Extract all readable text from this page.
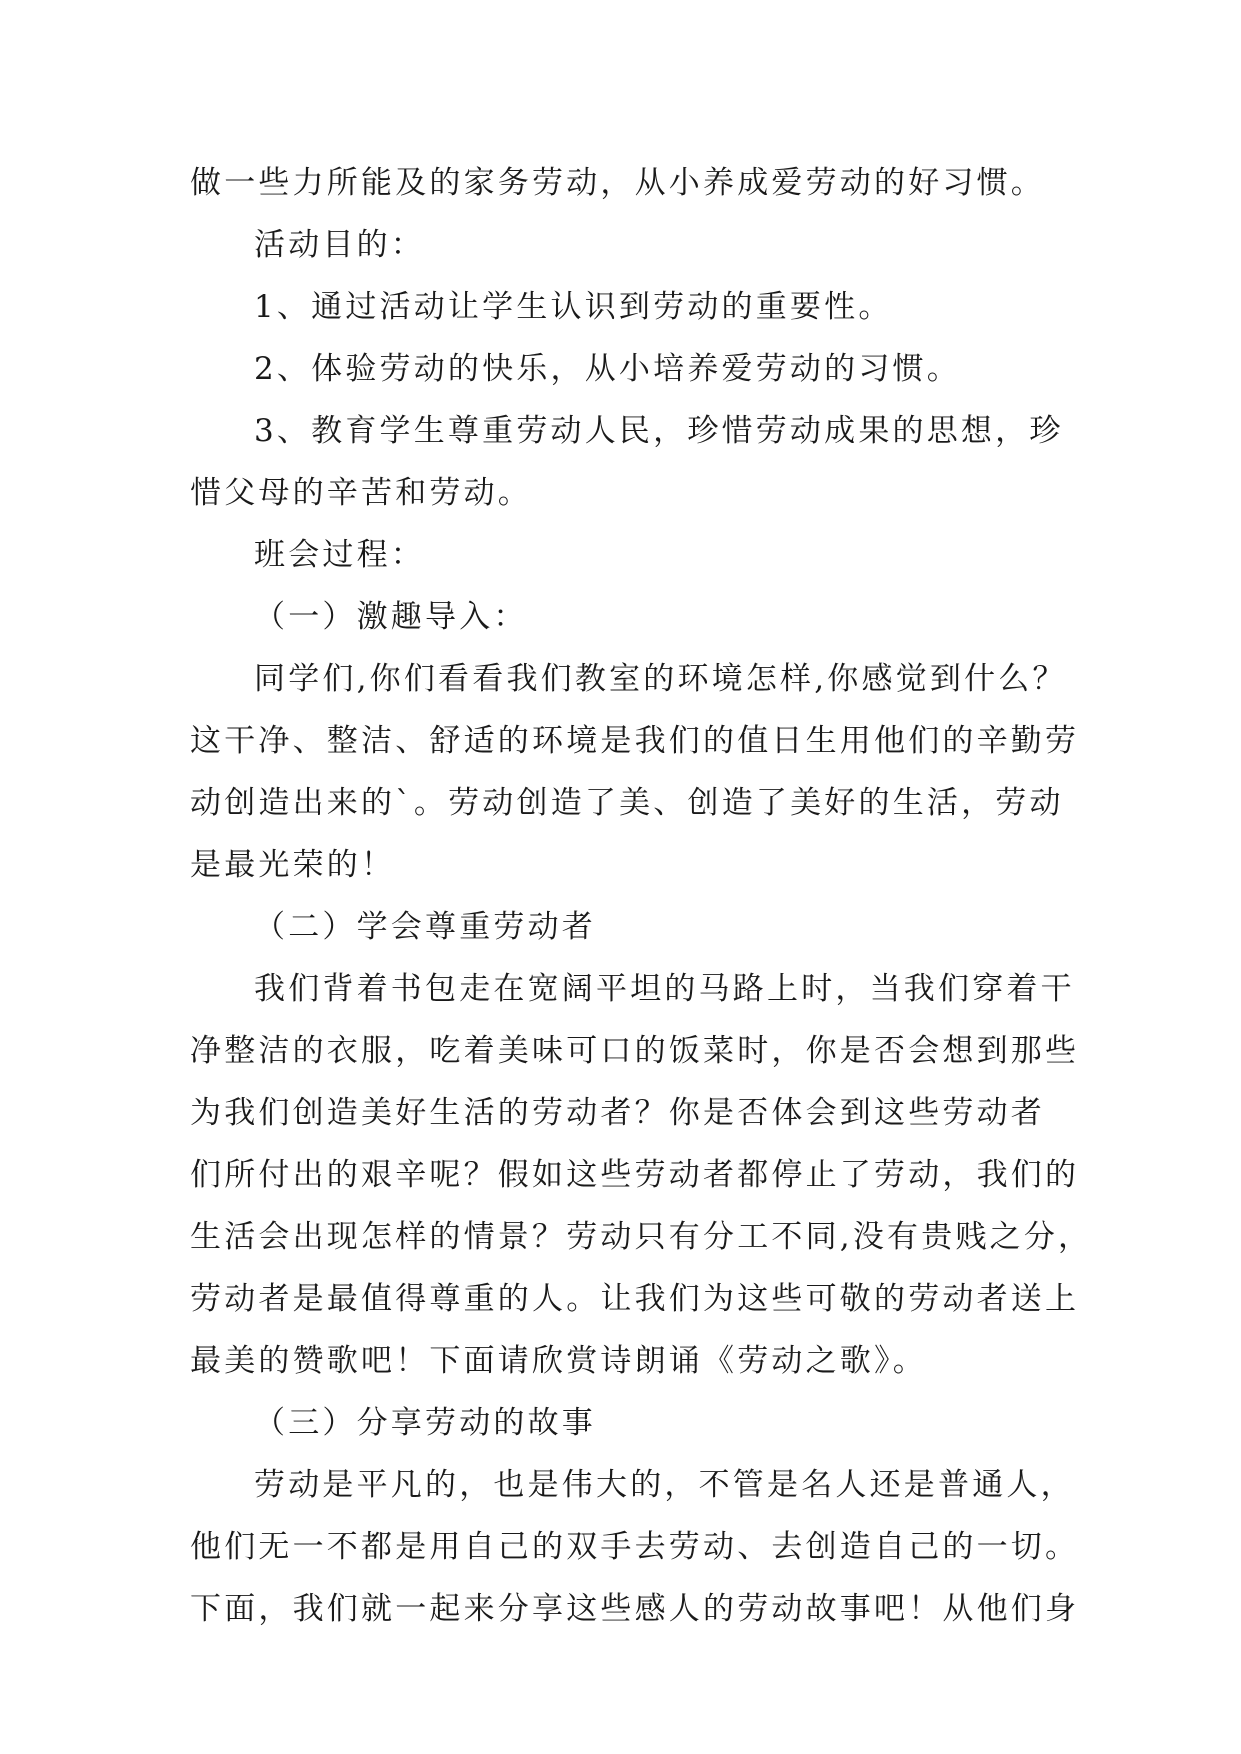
做一些力所能及的家务劳动，从小养成爱劳动的好习惯。
活动目的：
1、通过活动让学生认识到劳动的重要性。
2、体验劳动的快乐，从小培养爱劳动的习惯。
3、教育学生尊重劳动人民，珍惜劳动成果的思想，珍
惜父母的辛苦和劳动。
班会过程：
（一）激趣导入：
同学们,你们看看我们教室的环境怎样,你感觉到什么？
这干净、整洁、舒适的环境是我们的值日生用他们的辛勤劳
动创造出来的`。劳动创造了美、创造了美好的生活，劳动
是最光荣的！
（二）学会尊重劳动者
我们背着书包走在宽阔平坦的马路上时，当我们穿着干
净整洁的衣服，吃着美味可口的饭菜时，你是否会想到那些
为我们创造美好生活的劳动者？你是否体会到这些劳动者
们所付出的艰辛呢？假如这些劳动者都停止了劳动，我们的
生活会出现怎样的情景？劳动只有分工不同,没有贵贱之分，
劳动者是最值得尊重的人。让我们为这些可敬的劳动者送上
最美的赞歌吧！下面请欣赏诗朗诵《劳动之歌》。
（三）分享劳动的故事
劳动是平凡的，也是伟大的，不管是名人还是普通人，
他们无一不都是用自己的双手去劳动、去创造自己的一切。
下面，我们就一起来分享这些感人的劳动故事吧！从他们身
